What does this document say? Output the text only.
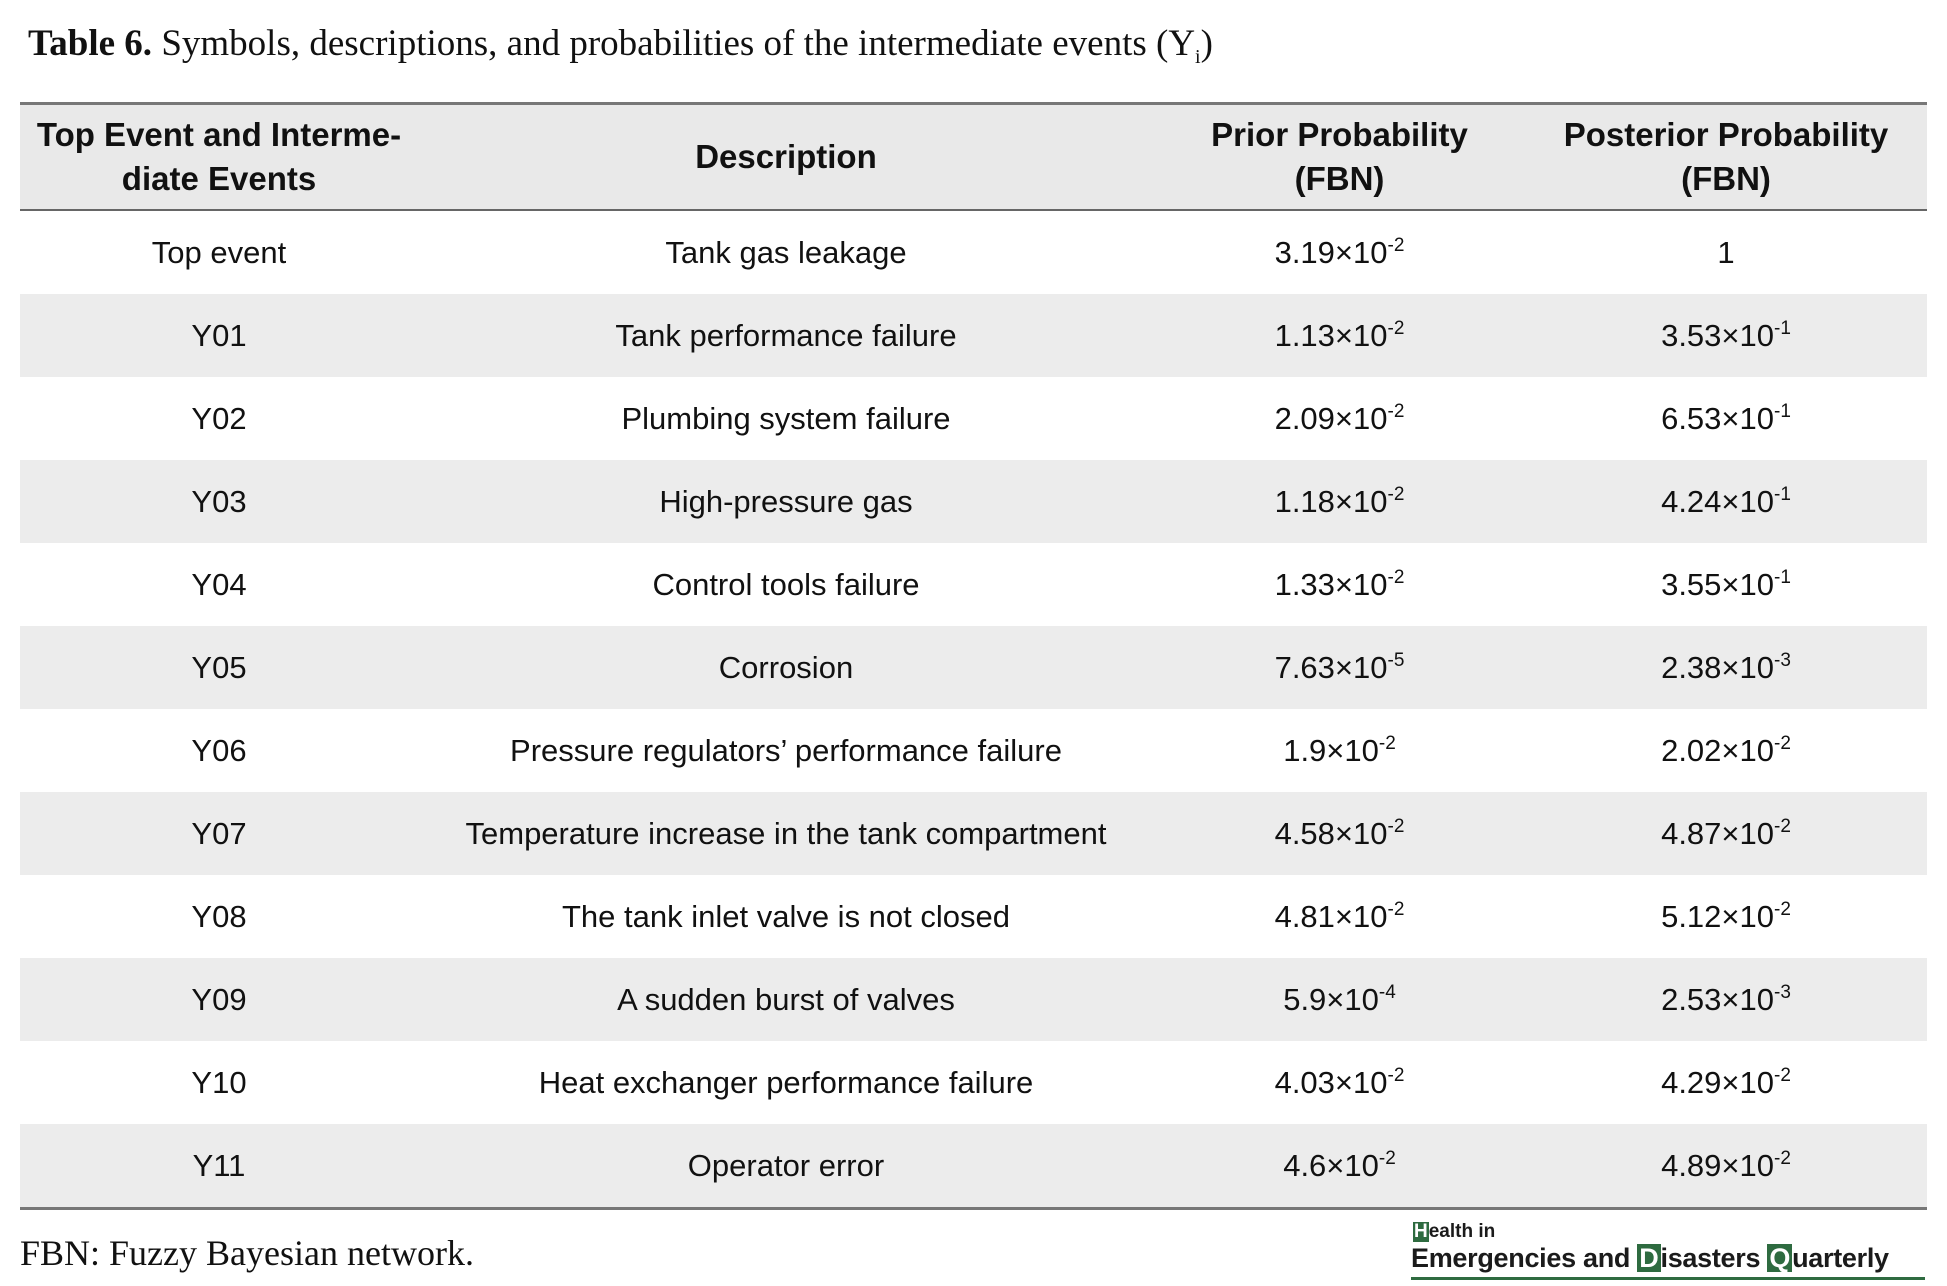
Table 6. Symbols, descriptions, and probabilities of the intermediate events $(Y_i)$
Top Event and Interme-diate Events	Description	Prior Probability (FBN)	Posterior Probability (FBN)
Top event	Tank gas leakage	$3.19\times 10^{-2}$	1
Y01	Tank performance failure	$1.13\times 10^{-2}$	$3.53\times 10^{-1}$
Y02	Plumbing system failure	$2.09\times 10^{-2}$	$6.53\times 10^{-1}$
Y03	High-pressure gas	$1.18\times 10^{-2}$	$4.24\times 10^{-1}$
Y04	Control tools failure	$1.33\times 10^{-2}$	$3.55\times 10^{-1}$
Y05	Corrosion	$7.63\times 10^{-5}$	$2.38\times 10^{-3}$
Y06	Pressure regulators’ performance failure	$1.9\times 10^{-2}$	$2.02\times 10^{-2}$
Y07	Temperature increase in the tank compartment	$4.58\times 10^{-2}$	$4.87\times 10^{-2}$
Y08	The tank inlet valve is not closed	$4.81\times 10^{-2}$	$5.12\times 10^{-2}$
Y09	A sudden burst of valves	$5.9\times 10^{-4}$	$2.53\times 10^{-3}$
Y10	Heat exchanger performance failure	$4.03\times 10^{-2}$	$4.29\times 10^{-2}$
Y11	Operator error	$4.6\times 10^{-2}$	$4.89\times 10^{-2}$
FBN: Fuzzy Bayesian network.
Health in
Emergencies and Disasters Quarterly
